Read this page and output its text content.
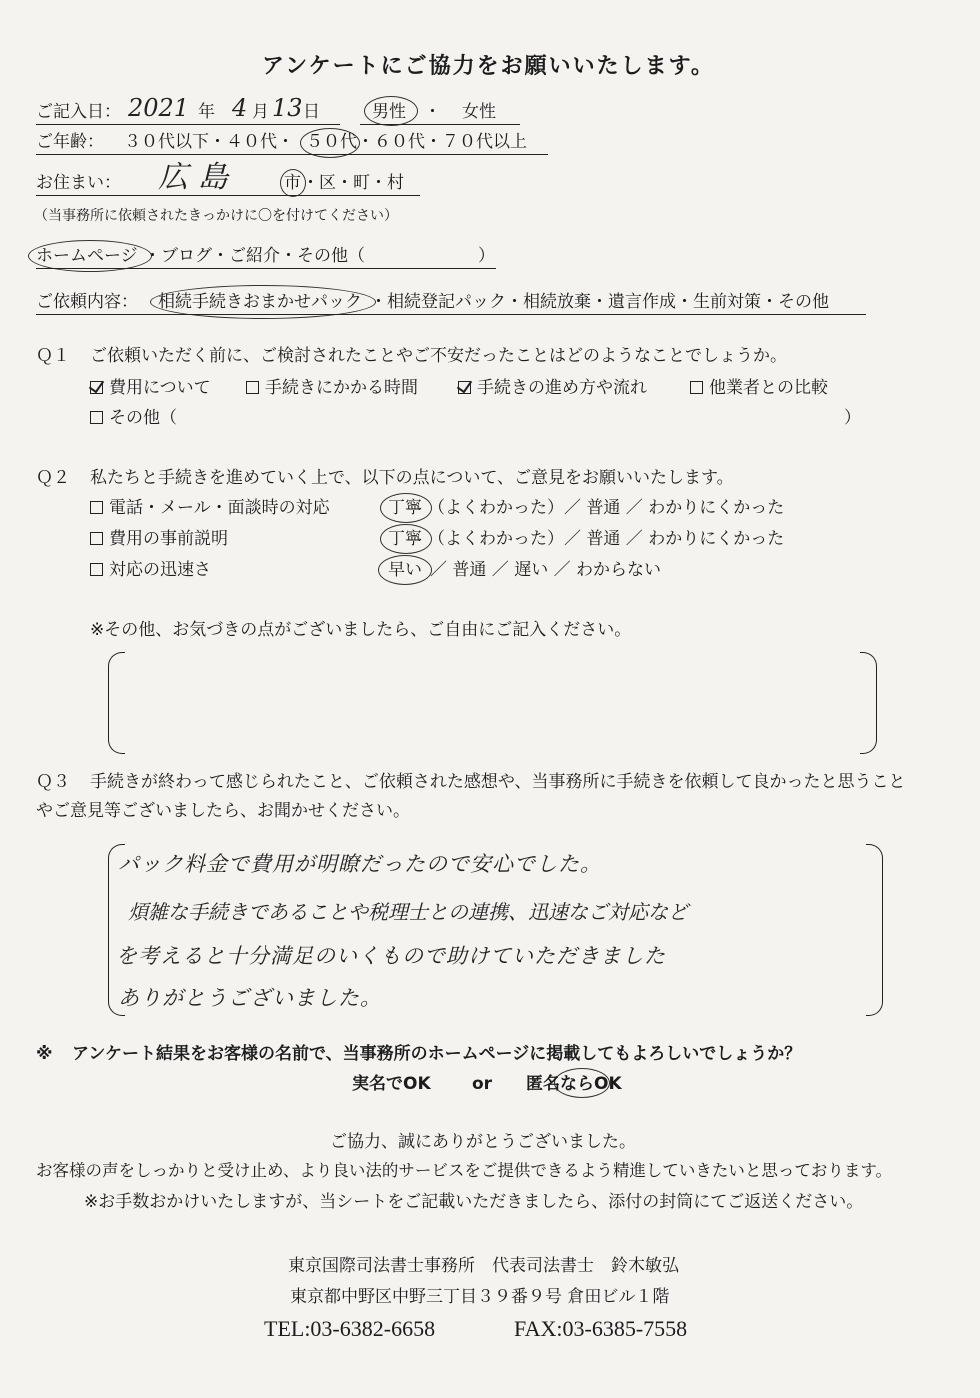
アンケートにご協力をお願いいたします。
ご記入日： 2021 年 4 月 13 日	男性 ・ 女性
ご年齢： ３０代以下・４０代・ ５０代 ・６０代・７０代以上
お住まい： 広島	市 ・区・町・村
（当事務所に依頼されたきっかけに〇を付けてください）
ホームページ ・ブログ・ご紹介・その他（	）
ご依頼内容： 相続手続きおまかせパック ・相続登記パック・相続放棄・遺言作成・生前対策・その他
Ｑ１ ご依頼いただく前に、ご検討されたことやご不安だったことはどのようなことでしょうか。
費用について	手続きにかかる時間	手続きの進め方や流れ	他業者との比較
その他（	）
Ｑ２ 私たちと手続きを進めていく上で、以下の点について、ご意見をお願いいたします。
電話・メール・面談時の対応	丁寧 （よくわかった）／ 普通 ／ わかりにくかった
費用の事前説明	丁寧 （よくわかった）／ 普通 ／ わかりにくかった
対応の迅速さ	早い ／ 普通 ／ 遅い ／ わからない
※その他、お気づきの点がございましたら、ご自由にご記入ください。
Ｑ３ 手続きが終わって感じられたこと、ご依頼された感想や、当事務所に手続きを依頼して良かったと思うこと
やご意見等ございましたら、お聞かせください。
パック料金で費用が明瞭だったので安心でした。
煩雑な手続きであることや税理士との連携、迅速なご対応など
を考えると十分満足のいくもので助けていただきました
ありがとうございました。
※ アンケート結果をお客様の名前で、当事務所のホームページに掲載してもよろしいでしょうか？
実名でOK or 匿名ならOK
ご協力、誠にありがとうございました。
お客様の声をしっかりと受け止め、より良い法的サービスをご提供できるよう精進していきたいと思っております。
※お手数おかけいたしますが、当シートをご記載いただきましたら、添付の封筒にてご返送ください。
東京国際司法書士事務所　代表司法書士　鈴木敏弘
東京都中野区中野三丁目３９番９号 倉田ビル１階
TEL:03-6382-6658	FAX:03-6385-7558
